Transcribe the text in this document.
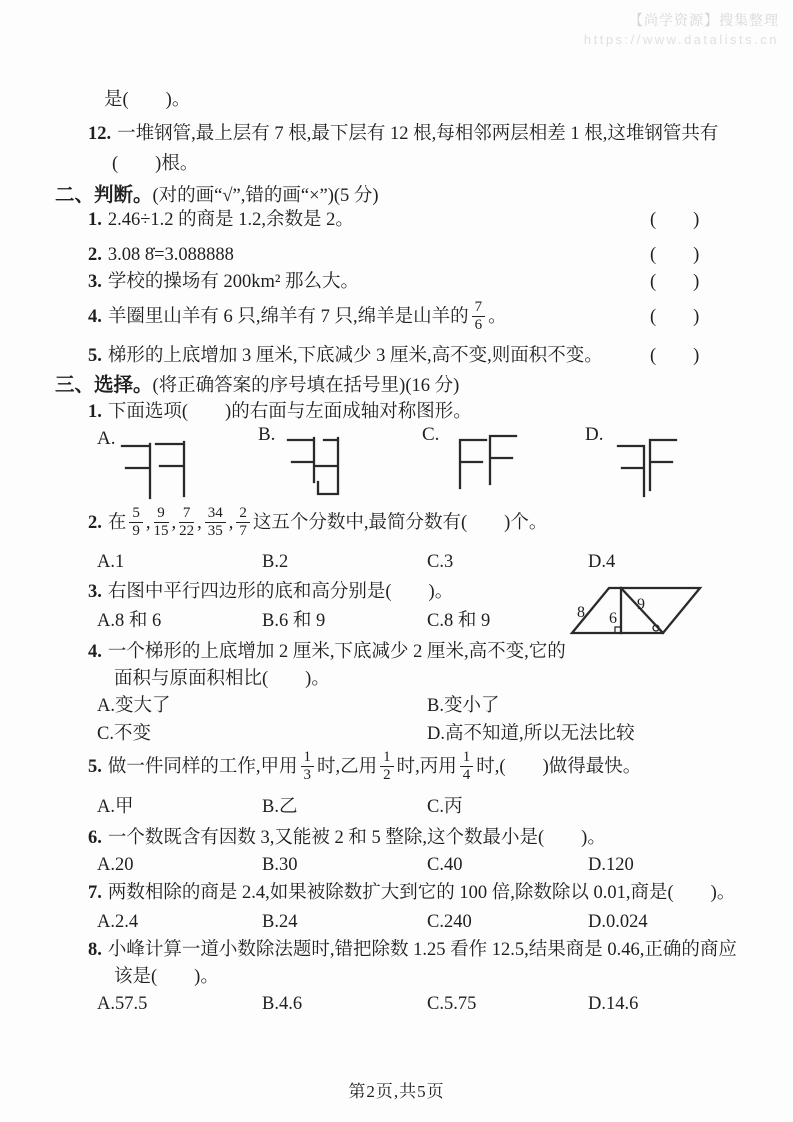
【尚学资源】搜集整理
https://www.datalists.cn
是(　　)。
12. 一堆钢管,最上层有 7 根,最下层有 12 根,每相邻两层相差 1 根,这堆钢管共有
(　　)根。
二、判断。(对的画“√”,错的画“×”)(5 分)
1. 2.46÷1.2 的商是 1.2,余数是 2。	(　　)
2. 3.08 8̇=3.088888	(　　)
3. 学校的操场有 200km² 那么大。	(　　)
4. 羊圈里山羊有 6 只,绵羊有 7 只,绵羊是山羊的 $\frac{7}{6}$ 。	(　　)
5. 梯形的上底增加 3 厘米,下底减少 3 厘米,高不变,则面积不变。	(　　)
三、选择。(将正确答案的序号填在括号里)(16 分)
1. 下面选项(　　)的右面与左面成轴对称图形。
A.	B.	C.	D.
2. 在 $\frac{5}{9}$ , $\frac{9}{15}$ , $\frac{7}{22}$ , $\frac{34}{35}$ , $\frac{2}{7}$ 这五个分数中,最简分数有(　　)个。
A.1	B.2	C.3	D.4
3. 右图中平行四边形的底和高分别是(　　)。
A.8 和 6	B.6 和 9	C.8 和 9	8 6
9
4. 一个梯形的上底增加 2 厘米,下底减少 2 厘米,高不变,它的
面积与原面积相比(　　)。
A.变大了	B.变小了
C.不变	D.高不知道,所以无法比较
5. 做一件同样的工作,甲用 $\frac{1}{3}$ 时,乙用 $\frac{1}{2}$ 时,丙用 $\frac{1}{4}$ 时,(　　)做得最快。
A.甲	B.乙	C.丙
6. 一个数既含有因数 3,又能被 2 和 5 整除,这个数最小是(　　)。
A.20	B.30	C.40	D.120
7. 两数相除的商是 2.4,如果被除数扩大到它的 100 倍,除数除以 0.01,商是(　　)。
A.2.4	B.24	C.240	D.0.024
8. 小峰计算一道小数除法题时,错把除数 1.25 看作 12.5,结果商是 0.46,正确的商应
该是(　　)。
A.57.5	B.4.6	C.5.75	D.14.6
第2页,共5页
